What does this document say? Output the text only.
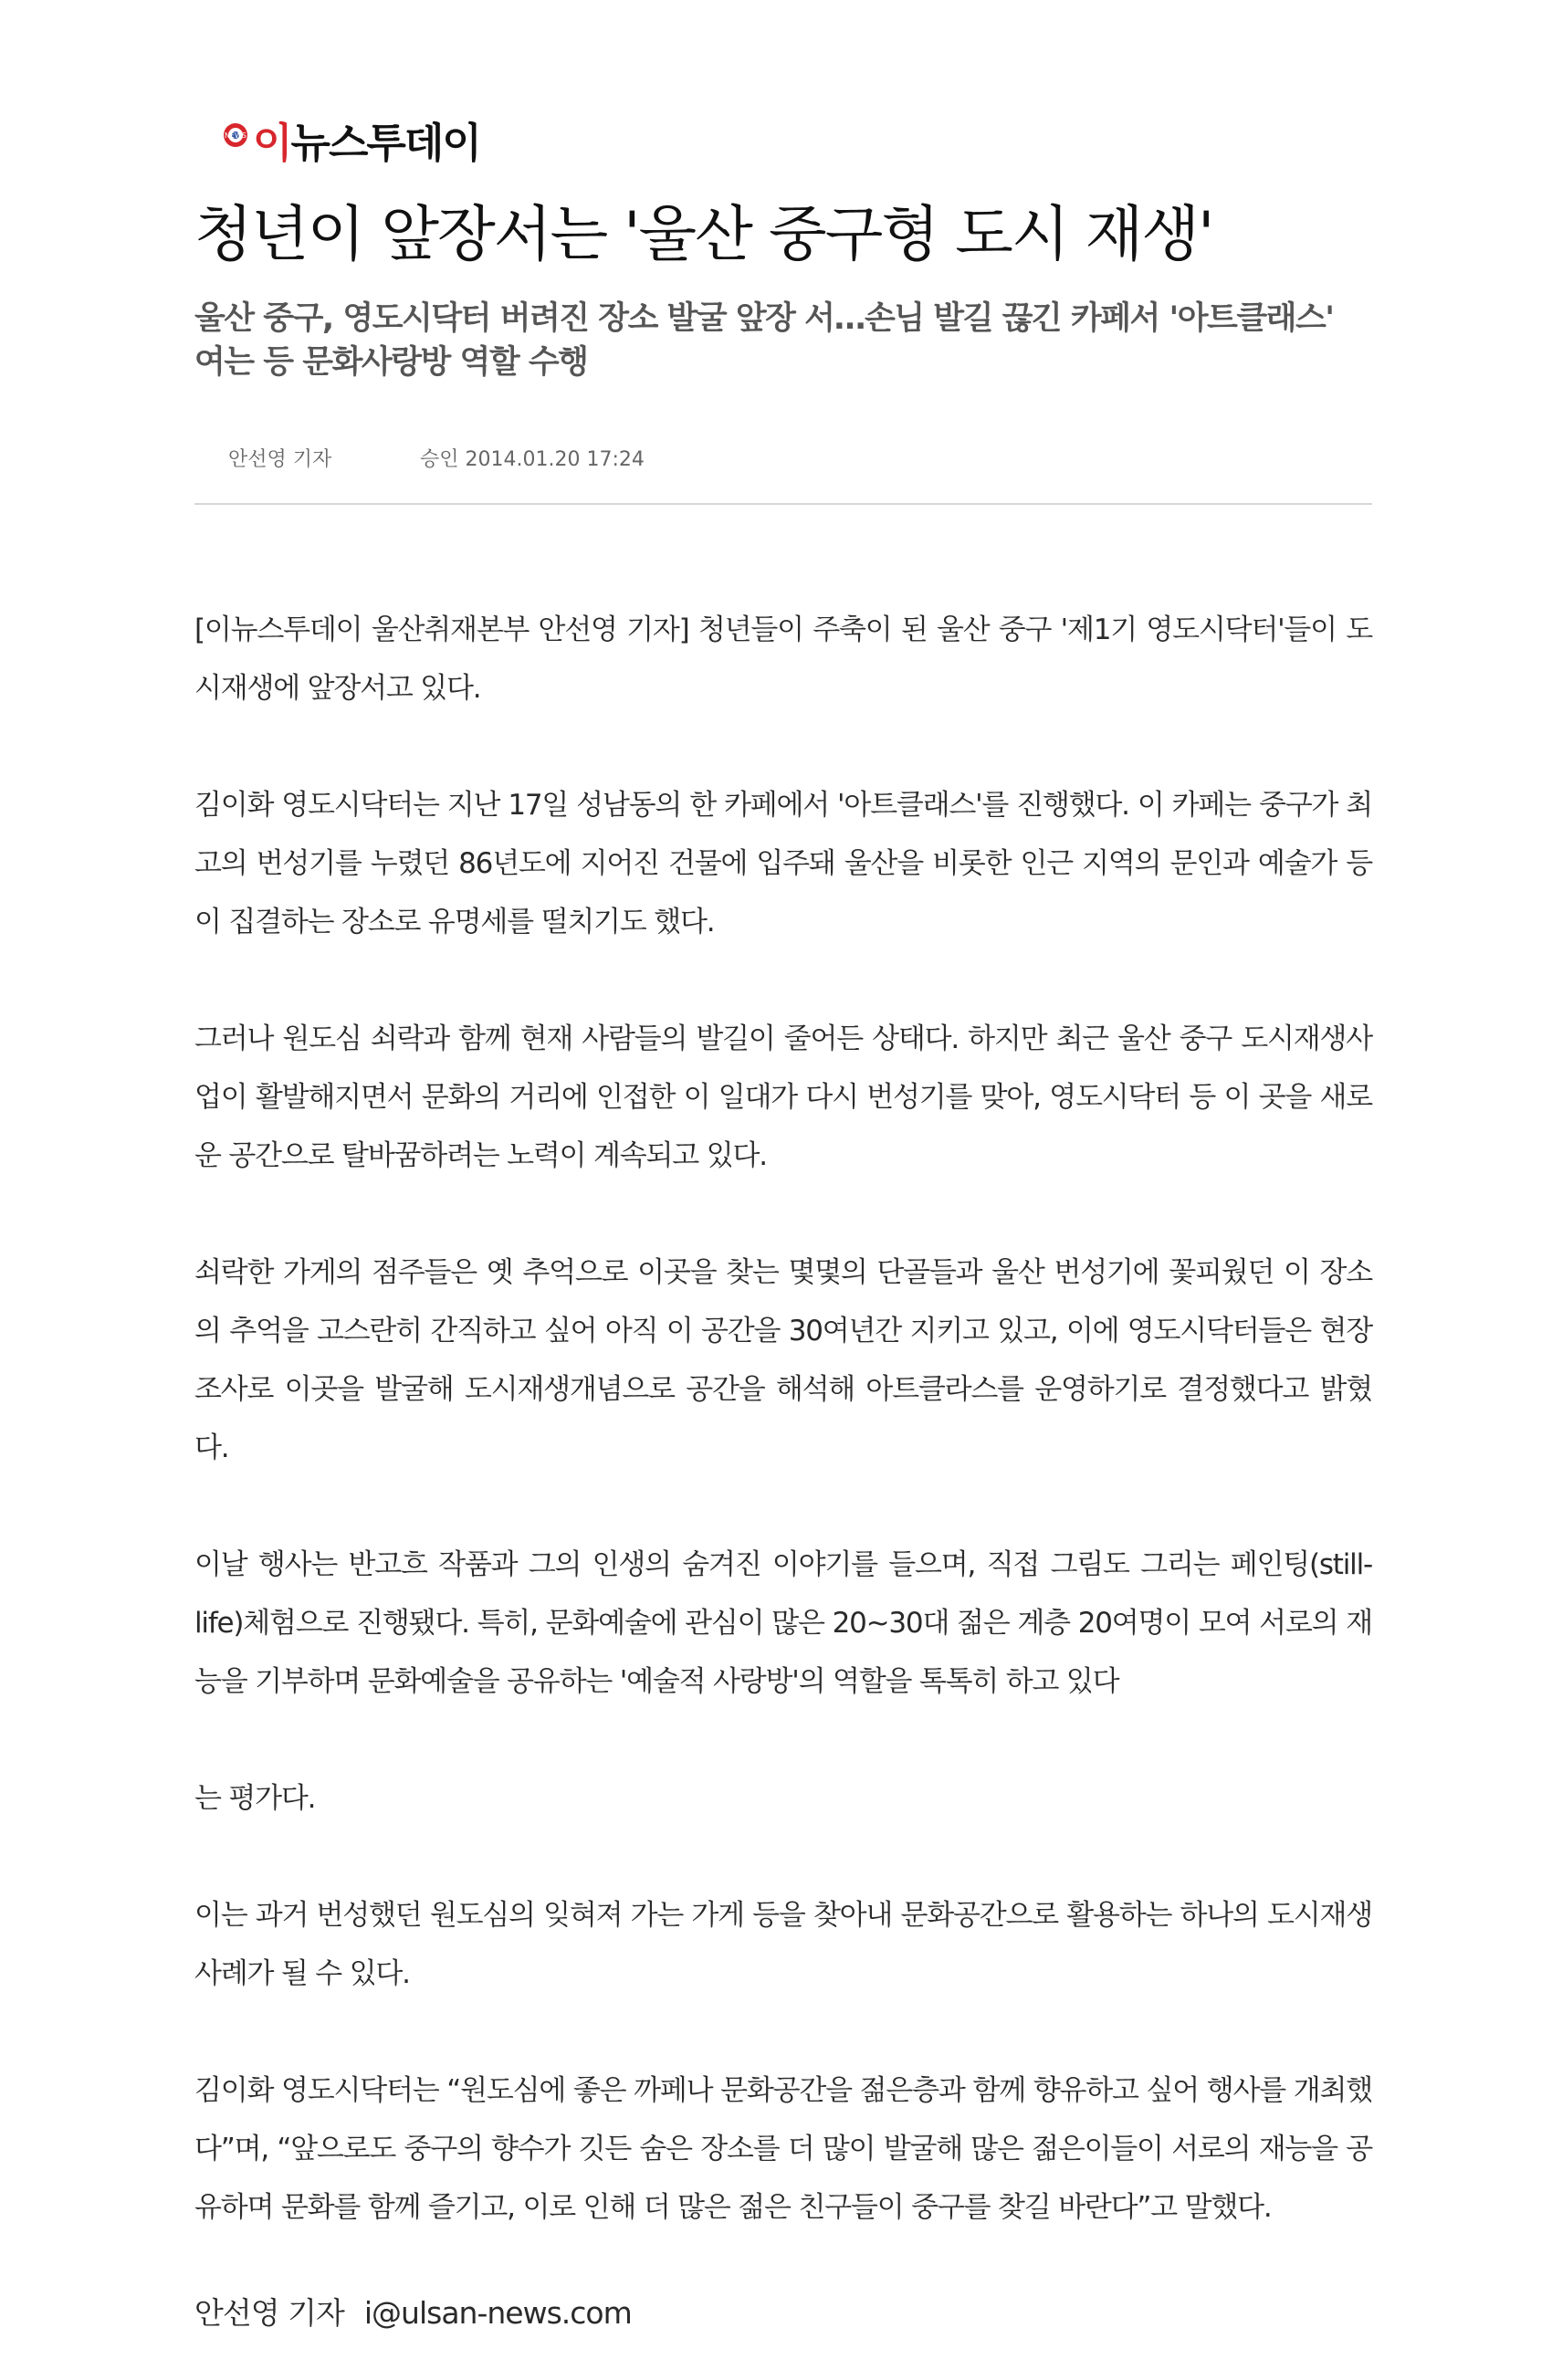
NEWS 이뉴스투데이
청년이 앞장서는 '울산 중구형 도시 재생'
울산 중구, 영도시닥터 버려진 장소 발굴 앞장 서…손님 발길 끊긴 카페서 '아트클래스' 여는 등 문화사랑방 역할 수행
안선영 기자	승인 2014.01.20 17:24

[이뉴스투데이 울산취재본부 안선영 기자] 청년들이 주축이 된 울산 중구 '제1기 영도시닥터'들이 도시재생에 앞장서고 있다.

김이화 영도시닥터는 지난 17일 성남동의 한 카페에서 '아트클래스'를 진행했다. 이 카페는 중구가 최고의 번성기를 누렸던 86년도에 지어진 건물에 입주돼 울산을 비롯한 인근 지역의 문인과 예술가 등이 집결하는 장소로 유명세를 떨치기도 했다.

그러나 원도심 쇠락과 함께 현재 사람들의 발길이 줄어든 상태다. 하지만 최근 울산 중구 도시재생사업이 활발해지면서 문화의 거리에 인접한 이 일대가 다시 번성기를 맞아, 영도시닥터 등 이 곳을 새로운 공간으로 탈바꿈하려는 노력이 계속되고 있다.

쇠락한 가게의 점주들은 옛 추억으로 이곳을 찾는 몇몇의 단골들과 울산 번성기에 꽃피웠던 이 장소의 추억을 고스란히 간직하고 싶어 아직 이 공간을 30여년간 지키고 있고, 이에 영도시닥터들은 현장조사로 이곳을 발굴해 도시재생개념으로 공간을 해석해 아트클라스를 운영하기로 결정했다고 밝혔다.

이날 행사는 반고흐 작품과 그의 인생의 숨겨진 이야기를 들으며, 직접 그림도 그리는 페인팅(still-life)체험으로 진행됐다. 특히, 문화예술에 관심이 많은 20~30대 젊은 계층 20여명이 모여 서로의 재능을 기부하며 문화예술을 공유하는 '예술적 사랑방'의 역할을 톡톡히 하고 있다

는 평가다.

이는 과거 번성했던 원도심의 잊혀져 가는 가게 등을 찾아내 문화공간으로 활용하는 하나의 도시재생 사례가 될 수 있다.

김이화 영도시닥터는 “원도심에 좋은 까페나 문화공간을 젊은층과 함께 향유하고 싶어 행사를 개최했다”며, “앞으로도 중구의 향수가 깃든 숨은 장소를 더 많이 발굴해 많은 젊은이들이 서로의 재능을 공유하며 문화를 함께 즐기고, 이로 인해 더 많은 젊은 친구들이 중구를 찾길 바란다”고 말했다.

안선영 기자 i@ulsan-news.com
